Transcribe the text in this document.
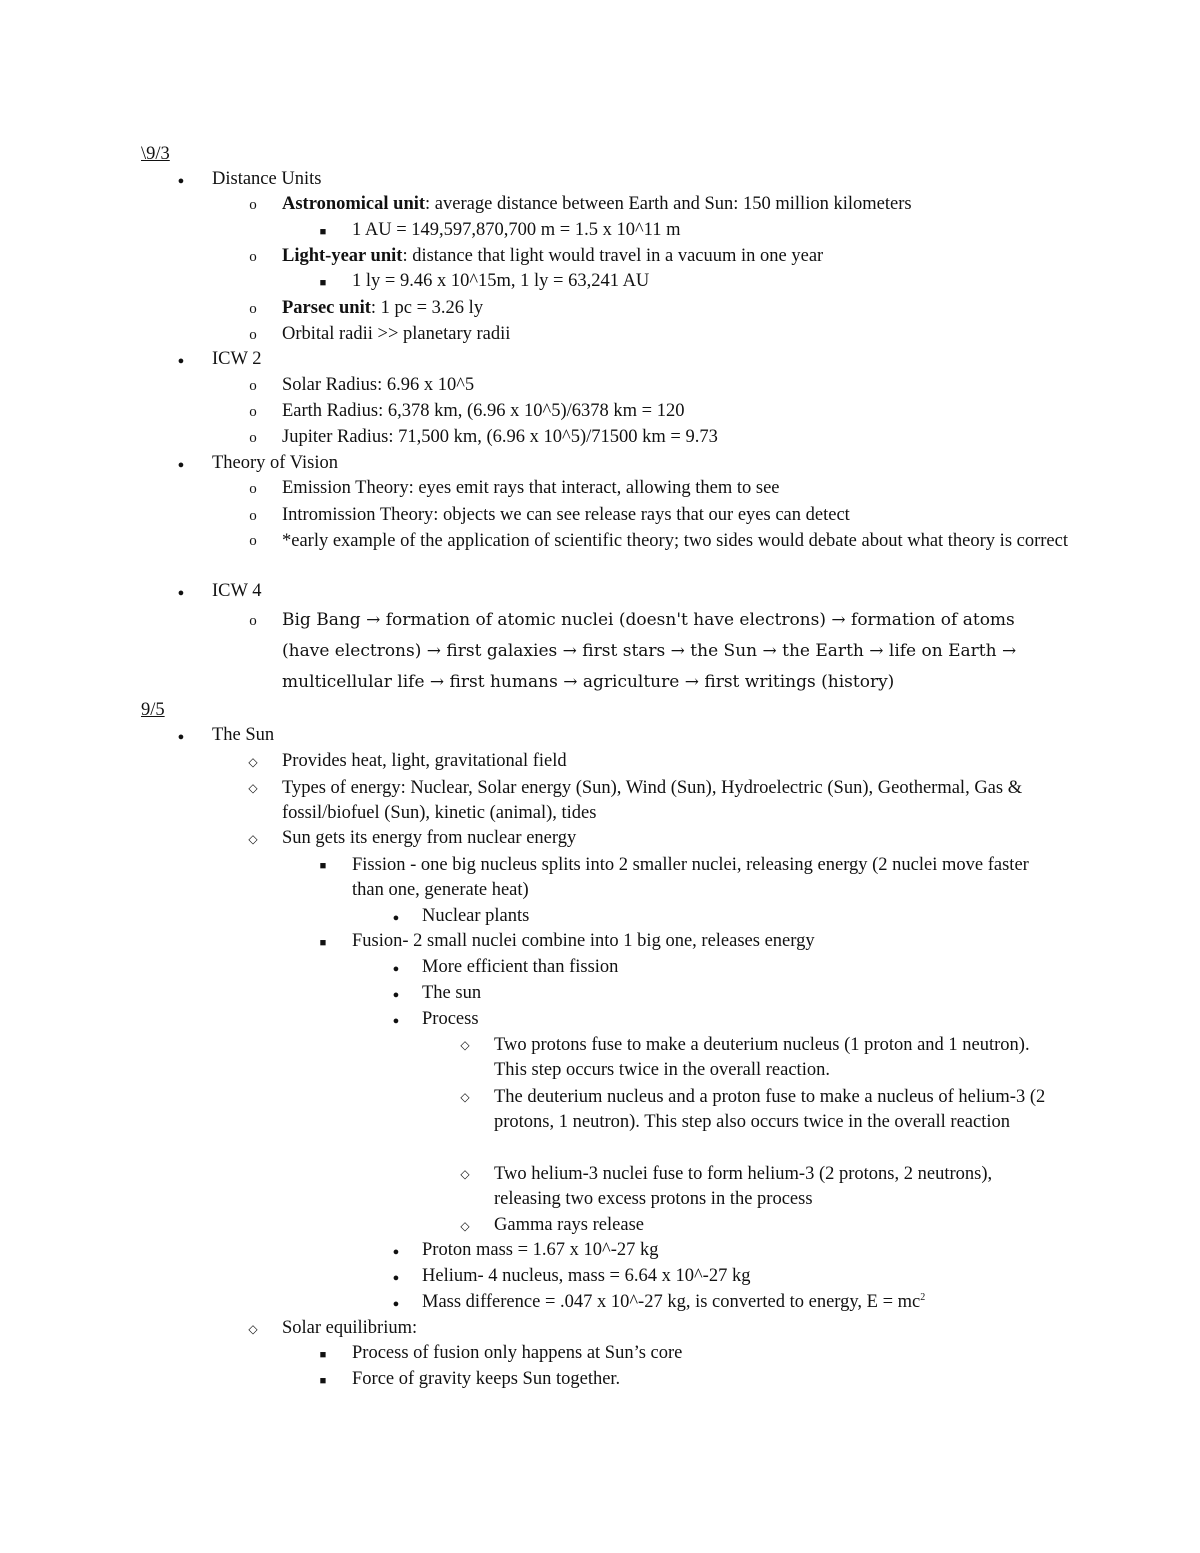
\9/3
●
Distance Units
o
Astronomical unit: average distance between Earth and Sun: 150 million kilometers
■
1 AU = 149,597,870,700 m = 1.5 x 10^11 m
o
Light-year unit: distance that light would travel in a vacuum in one year
■
1 ly = 9.46 x 10^15m, 1 ly = 63,241 AU
o
Parsec unit: 1 pc = 3.26 ly
o
Orbital radii >> planetary radii
●
ICW 2
o
Solar Radius: 6.96 x 10^5
o
Earth Radius: 6,378 km, (6.96 x 10^5)/6378 km = 120
o
Jupiter Radius: 71,500 km, (6.96 x 10^5)/71500 km = 9.73
●
Theory of Vision
o
Emission Theory: eyes emit rays that interact, allowing them to see
o
Intromission Theory: objects we can see release rays that our eyes can detect
o
*early example of the application of scientific theory; two sides would debate about what theory is correct
●
ICW 4
o
Big Bang → formation of atomic nuclei (doesn't have electrons) → formation of atoms (have electrons) → first galaxies → first stars → the Sun → the Earth → life on Earth → multicellular life → first humans → agriculture → first writings (history)
9/5
●
The Sun
◇
Provides heat, light, gravitational field
◇
Types of energy: Nuclear, Solar energy (Sun), Wind (Sun), Hydroelectric (Sun), Geothermal, Gas & fossil/biofuel (Sun), kinetic (animal), tides
◇
Sun gets its energy from nuclear energy
■
Fission - one big nucleus splits into 2 smaller nuclei, releasing energy (2 nuclei move faster than one, generate heat)
●
Nuclear plants
■
Fusion- 2 small nuclei combine into 1 big one, releases energy
●
More efficient than fission
●
The sun
●
Process
◇
Two protons fuse to make a deuterium nucleus (1 proton and 1 neutron). This step occurs twice in the overall reaction.
◇
The deuterium nucleus and a proton fuse to make a nucleus of helium-3 (2 protons, 1 neutron). This step also occurs twice in the overall reaction
◇
Two helium-3 nuclei fuse to form helium-3 (2 protons, 2 neutrons), releasing two excess protons in the process
◇
Gamma rays release
●
Proton mass = 1.67 x 10^-27 kg
●
Helium- 4 nucleus, mass = 6.64 x 10^-27 kg
●
Mass difference = .047 x 10^-27 kg, is converted to energy, $E = mc^2$
◇
Solar equilibrium:
■
Process of fusion only happens at Sun’s core
■
Force of gravity keeps Sun together.
